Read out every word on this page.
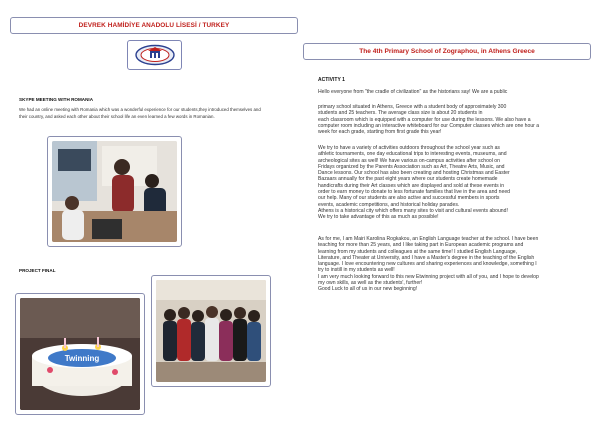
DEVREK HAMİDİYE ANADOLU LİSESİ / TURKEY
The 4th Primary School of Zographou, in Athens Greece
SKYPE MEETING WITH ROMANIA
We had an online meeting with Romania which was a wonderful experience for our students,they introduced themselves and their country, and asked each other about their school life an even learned a few words in Romanian.
PROJECT FINAL
Twinning
ACTIVITY 1

Hello everyone from "the cradle of civilization" as the historians say! We are a public

primary school situated in Athens, Greece with a student body of approximately 300
students and 25 teachers. The average class size is about 20 students in
each classroom which is equipped with a computer for use during the lessons. We also have a
computer room including an interactive whiteboard for our Computer classes which are one hour a
week for each grade, starting from first grade this year!

We try to have a variety of activities outdoors throughout the school year such as
athletic tournaments, one day educational trips to interesting events, museums, and
archeological sites as well! We have various on-campus activities after school on
Fridays organized by the Parents Association such as Art, Theatre Arts, Music, and
Dance lessons. Our school has also been creating and hosting Christmas and Easter
Bazaars annually for the past eight years where our students create homemade
handicrafts during their Art classes which are displayed and sold at these events in
order to earn money to donate to less fortunate families that live in the area and need
our help. Many of our students are also active and successful members in sports
events, academic competitions, and historical holiday parades.
Athens is a historical city which offers many sites to visit and cultural events abound!
We try to take advantage of this as much as possible!

As for me, I am Mairi Karolina Rogkakou, an English Language teacher at the school. I have been
teaching for more than 25 years, and I like taking part in European academic programs and
learning from my students and colleagues at the same time! I studied English Language,
Literature, and Theater at University, and I have a Master's degree in the teaching of the English
language. I love encountering new cultures and sharing experiences and knowledge, something I
try to instill in my students as well!
I am very much looking forward to this new Etwinning project with all of you, and I hope to develop
my own skills, as well as the students', further!
Good Luck to all of us in our new beginning!
